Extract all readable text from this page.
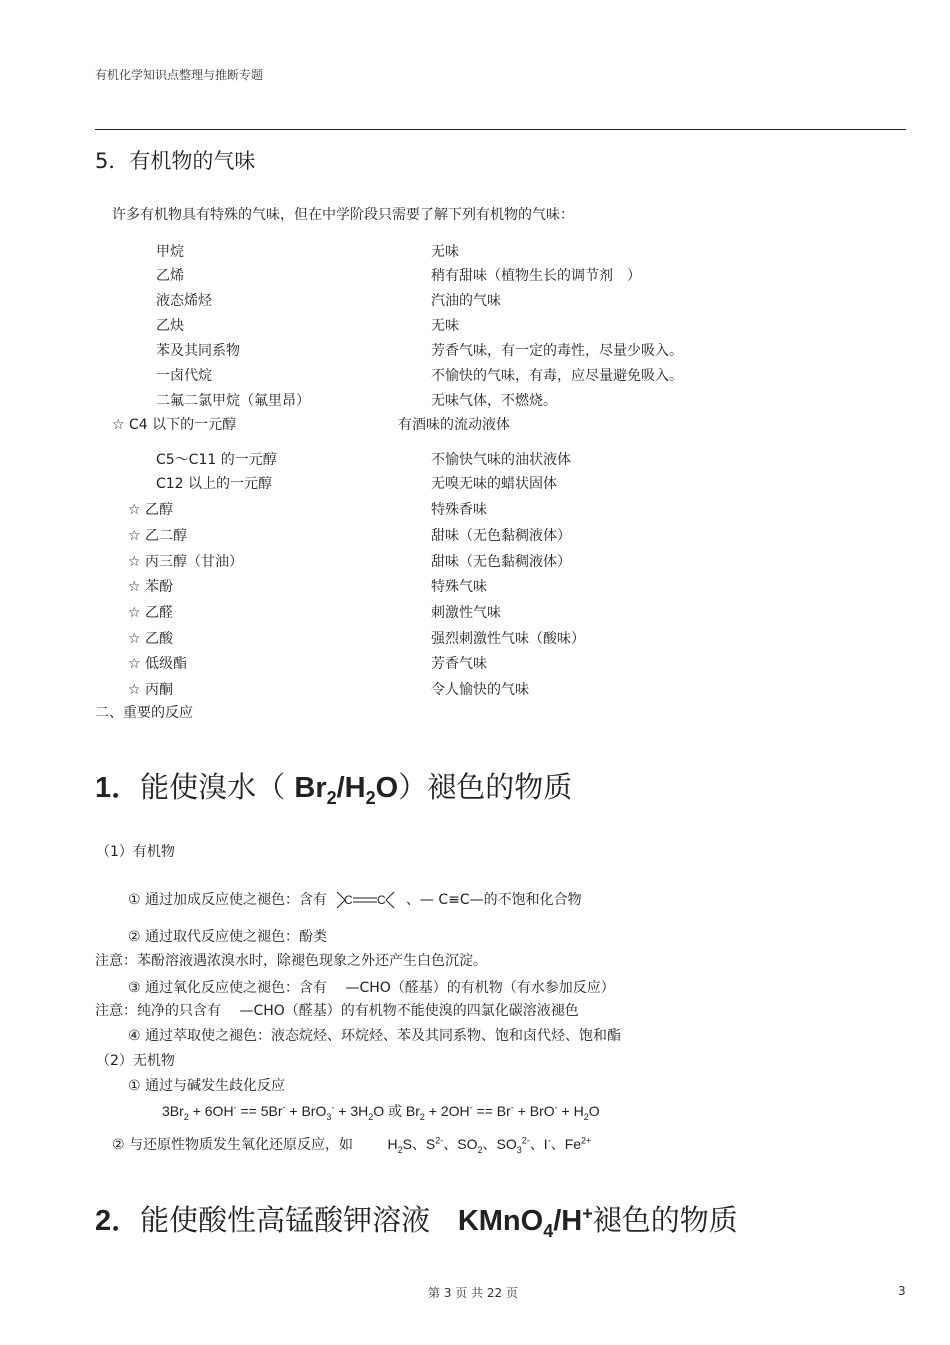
有机化学知识点整理与推断专题
5．有机物的气味
许多有机物具有特殊的气味，但在中学阶段只需要了解下列有机物的气味：
甲烷	无味
乙烯	稍有甜味（植物生长的调节剂　）
液态烯烃	汽油的气味
乙炔	无味
苯及其同系物	芳香气味，有一定的毒性，尽量少吸入。
一卤代烷	不愉快的气味，有毒，应尽量避免吸入。
二氟二氯甲烷（氟里昂）	无味气体，不燃烧。
☆ C4 以下的一元醇	有酒味的流动液体
C5～C11 的一元醇	不愉快气味的油状液体
C12 以上的一元醇	无嗅无味的蜡状固体
☆ 乙醇	特殊香味
☆ 乙二醇	甜味（无色黏稠液体）
☆ 丙三醇（甘油）	甜味（无色黏稠液体）
☆ 苯酚	特殊气味
☆ 乙醛	刺激性气味
☆ 乙酸	强烈刺激性气味（酸味）
☆ 低级酯	芳香气味
☆ 丙酮	令人愉快的气味
二、重要的反应
1．能使溴水（ $Br_2/H_2O$）褪色的物质
（1）有机物
① 通过加成反应使之褪色：含有 C C 、— C≡C—的不饱和化合物
② 通过取代反应使之褪色：酚类
注意：苯酚溶液遇浓溴水时，除褪色现象之外还产生白色沉淀。
③ 通过氧化反应使之褪色：含有　 —CHO（醛基）的有机物（有水参加反应）
注意：纯净的只含有　 —CHO（醛基）的有机物不能使溴的四氯化碳溶液褪色
④ 通过萃取使之褪色：液态烷烃、环烷烃、苯及其同系物、饱和卤代烃、饱和酯
（2）无机物
① 通过与碱发生歧化反应
$3Br_2 + 6OH^- == 5Br^- + BrO_3^- + 3H_2O$ 或 $Br_2 + 2OH^- == Br^- + BrO^- + H_2O$
② 与还原性物质发生氧化还原反应，如 $H_2S$、$S^{2-}$、$SO_2$、$SO_3^{2-}$、I-、$Fe^{2+}$
2．能使酸性高锰酸钾溶液 KMnO$_4$/H+褪色的物质
第 3 页 共 22 页	3
